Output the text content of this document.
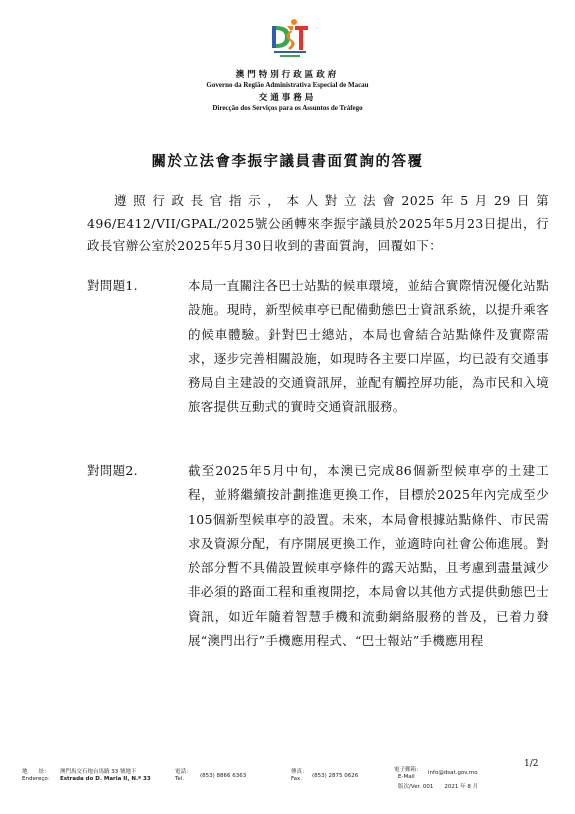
澳門特別行政區政府
Governo da Região Administrativa Especial de Macau
交通事務局
Direcção dos Serviços para os Assuntos de Tráfego
關於立法會李振宇議員書面質詢的答覆

遵照行政長官指示，本人對立法會2025年5月29日第496/E412/VII/GPAL/2025號公函轉來李振宇議員於2025年5月23日提出，行政長官辦公室於2025年5月30日收到的書面質詢，回覆如下：

對問題1.	本局一直關注各巴士站點的候車環境，並結合實際情況優化站點設施。現時，新型候車亭已配備動態巴士資訊系統，以提升乘客的候車體驗。針對巴士總站，本局也會結合站點條件及實際需求，逐步完善相關設施，如現時各主要口岸區，均已設有交通事務局自主建設的交通資訊屏，並配有觸控屏功能，為市民和入境旅客提供互動式的實時交通資訊服務。
對問題2.	截至2025年5月中旬，本澳已完成86個新型候車亭的土建工程，並將繼續按計劃推進更換工作，目標於2025年內完成至少105個新型候車亭的設置。未來，本局會根據站點條件、市民需求及資源分配，有序開展更換工作，並適時向社會公佈進展。對於部分暫不具備設置候車亭條件的露天站點，且考慮到盡量減少非必須的路面工程和重複開挖，本局會以其他方式提供動態巴士資訊，如近年隨着智慧手機和流動網絡服務的普及，已着力發展“澳門出行”手機應用程式、“巴士報站”手機應用程
1/2
地　　址：
Endereço：
澳門馬交石炮台馬路 33 號地下
Estrada do D. Maria II, N.º 33
電話：
Tel.	(853) 8866 6363
傳真：
Fax. (853) 2875 0626
電子郵箱：
E-Mail
info@dsat.gov.mo
版次/Ver. 001　　2021 年 8 月
